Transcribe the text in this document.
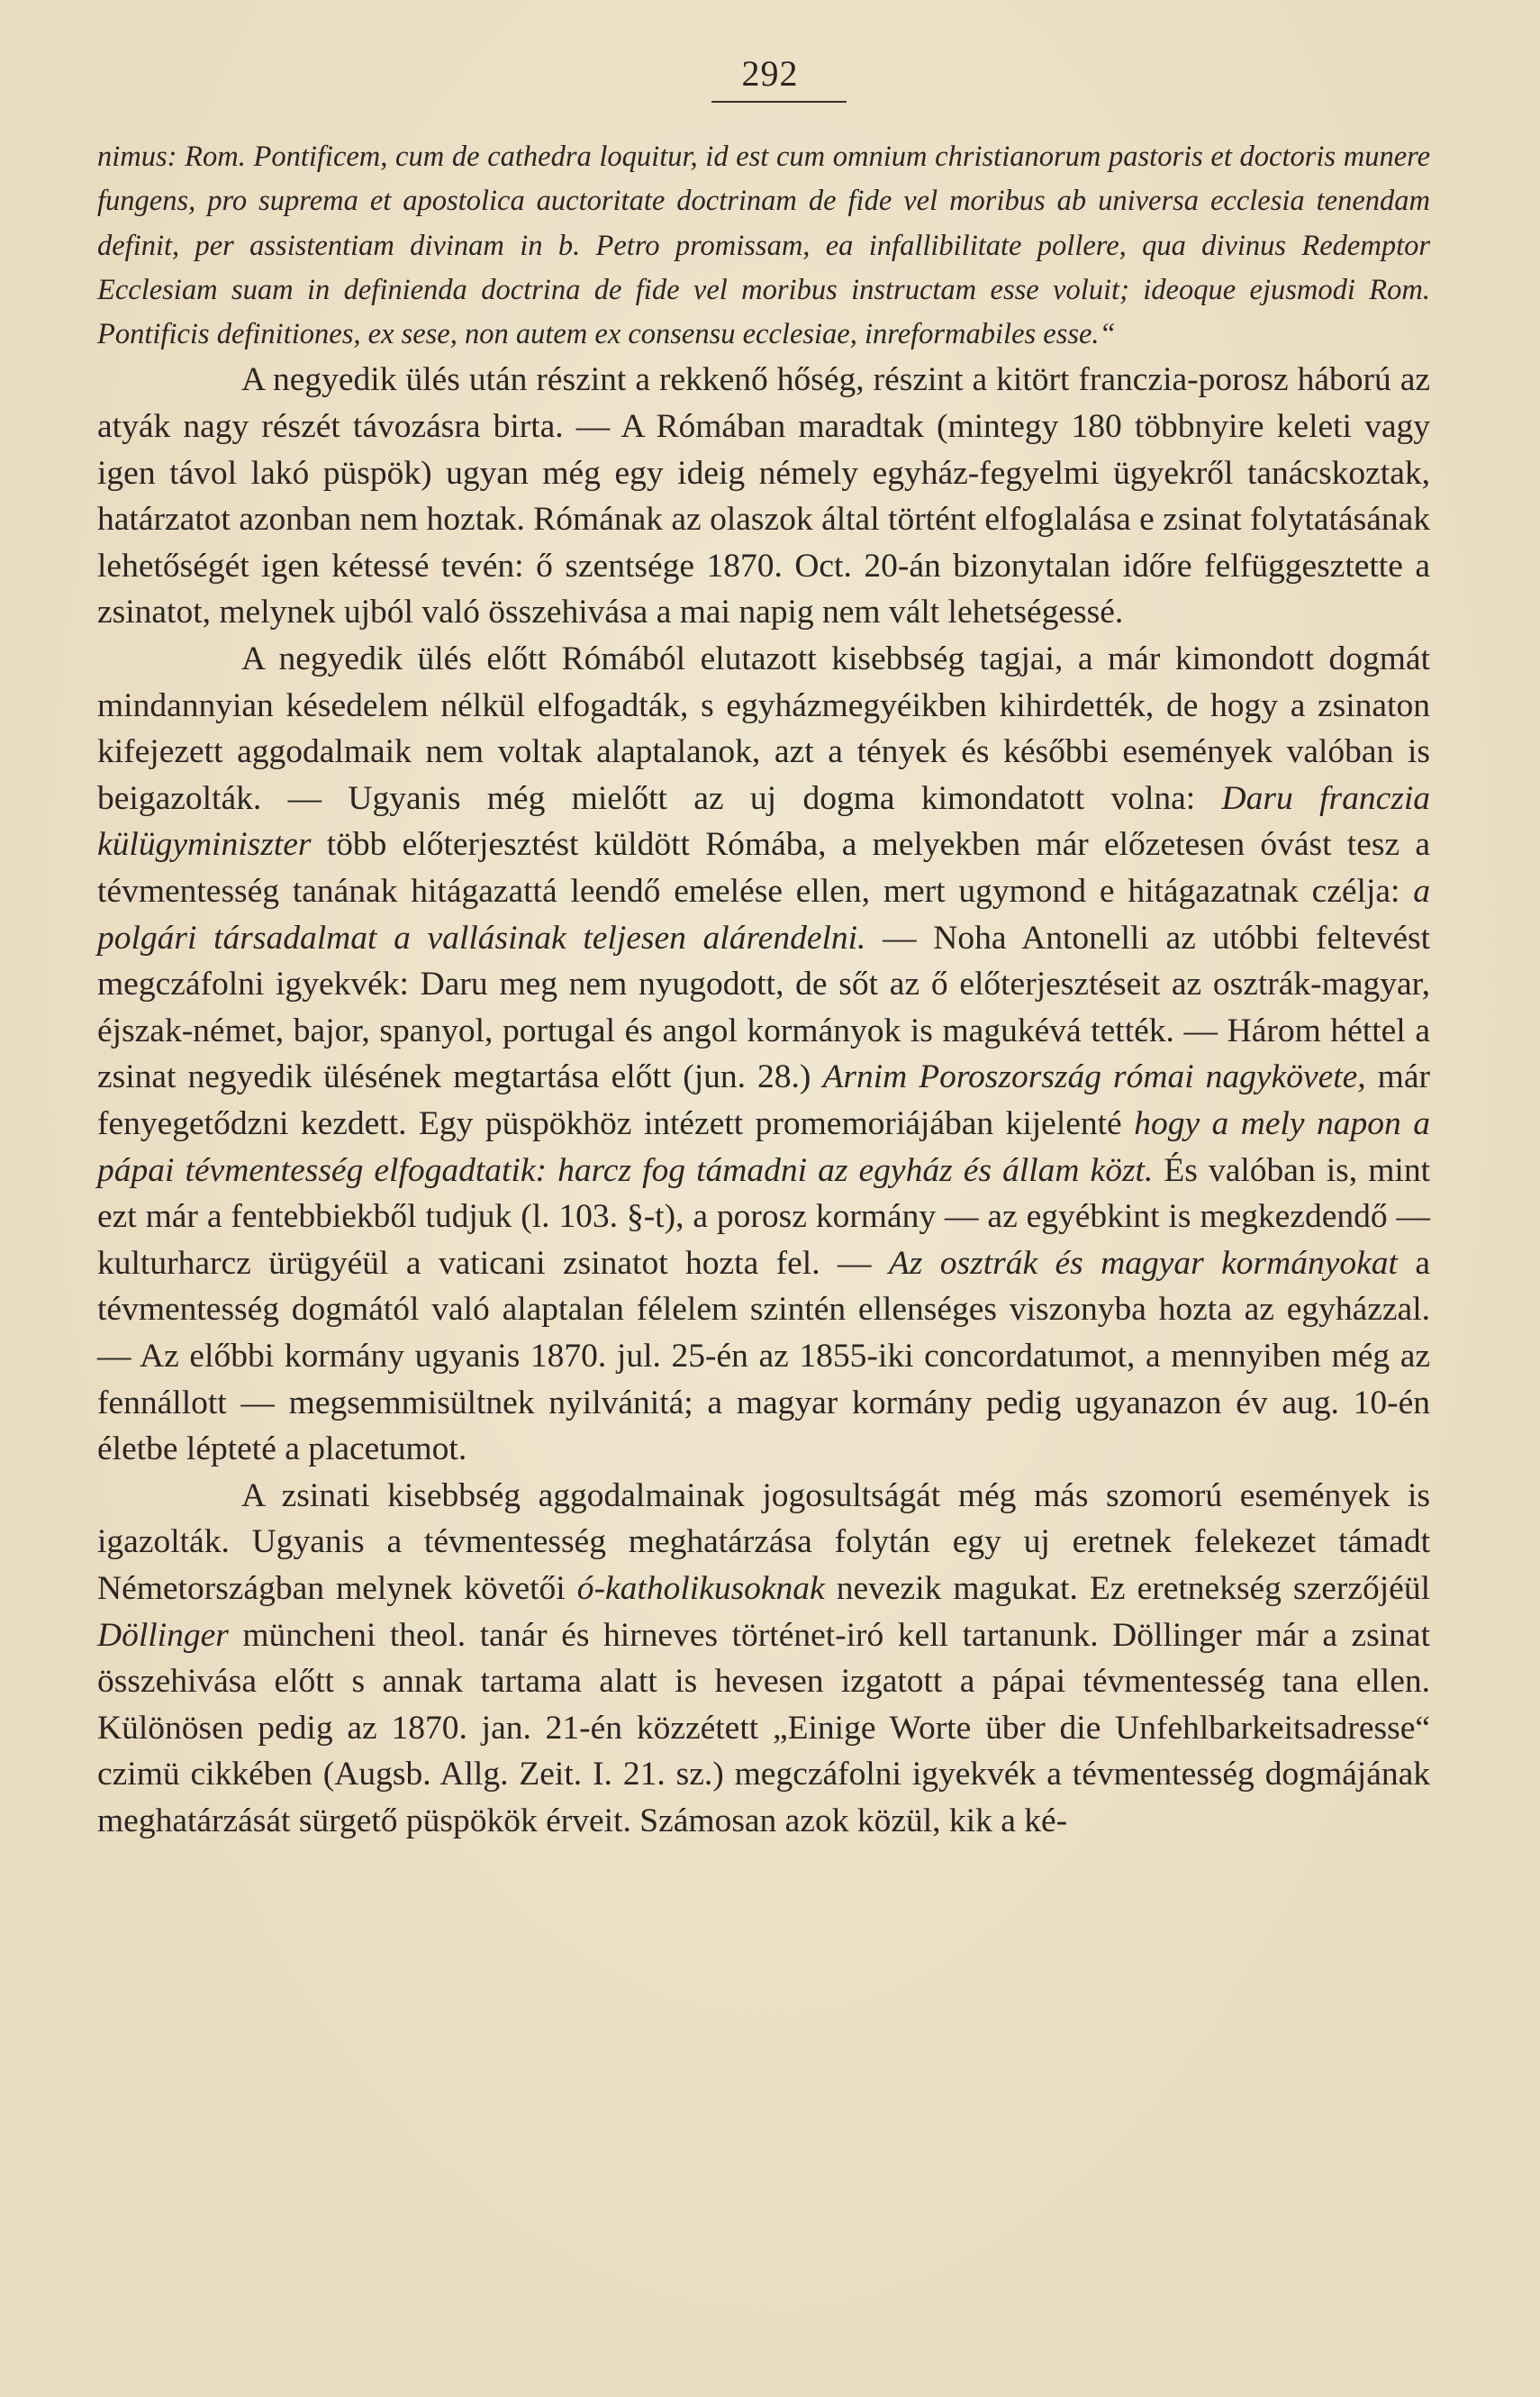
292

nimus: Rom. Pontificem, cum de cathedra loquitur, id est cum omnium christianorum pastoris et doctoris munere fungens, pro suprema et apostolica auctoritate doctrinam de fide vel moribus ab universa ecclesia tenendam definit, per assistentiam divinam in b. Petro promissam, ea infallibilitate pollere, qua divinus Redemptor Ecclesiam suam in definienda doctrina de fide vel moribus instructam esse voluit; ideoque ejusmodi Rom. Pontificis definitiones, ex sese, non autem ex consensu ecclesiae, inreformabiles esse.“

A negyedik ülés után részint a rekkenő hőség, részint a kitört franczia-porosz háború az atyák nagy részét távozásra birta. — A Rómában maradtak (mintegy 180 többnyire keleti vagy igen távol lakó püspök) ugyan még egy ideig némely egyház-fegyelmi ügyekről tanácskoztak, határzatot azonban nem hoztak. Rómának az olaszok által történt elfoglalása e zsinat folytatásának lehetőségét igen kétessé tevén: ő szentsége 1870. Oct. 20-án bizonytalan időre felfüggesztette a zsinatot, melynek ujból való összehivása a mai napig nem vált lehetségessé.

A negyedik ülés előtt Rómából elutazott kisebbség tagjai, a már kimondott dogmát mindannyian késedelem nélkül elfogadták, s egyházmegyéikben kihirdették, de hogy a zsinaton kifejezett aggodalmaik nem voltak alaptalanok, azt a tények és későbbi események valóban is beigazolták. — Ugyanis még mielőtt az uj dogma kimondatott volna: Daru franczia külügyminiszter több előterjesztést küldött Rómába, a melyekben már előzetesen óvást tesz a tévmentesség tanának hitágazattá leendő emelése ellen, mert ugymond e hitágazatnak czélja: a polgári társadalmat a vallásinak teljesen alárendelni. — Noha Antonelli az utóbbi feltevést megczáfolni igyekvék: Daru meg nem nyugodott, de sőt az ő előterjesztéseit az osztrák-magyar, éjszak-német, bajor, spanyol, portugal és angol kormányok is magukévá tették. — Három héttel a zsinat negyedik ülésének megtartása előtt (jun. 28.) Arnim Poroszország római nagykövete, már fenyegetődzni kezdett. Egy püspökhöz intézett promemoriájában kijelenté hogy a mely napon a pápai tévmentesség elfogadtatik: harcz fog támadni az egyház és állam közt. És valóban is, mint ezt már a fentebbiekből tudjuk (l. 103. §-t), a porosz kormány — az egyébkint is megkezdendő — kulturharcz ürügyéül a vaticani zsinatot hozta fel. — Az osztrák és magyar kormányokat a tévmentesség dogmától való alaptalan félelem szintén ellenséges viszonyba hozta az egyházzal. — Az előbbi kormány ugyanis 1870. jul. 25-én az 1855-iki concordatumot, a mennyiben még az fennállott — megsemmisültnek nyilvánitá; a magyar kormány pedig ugyanazon év aug. 10-én életbe lépteté a placetumot.

A zsinati kisebbség aggodalmainak jogosultságát még más szomorú események is igazolták. Ugyanis a tévmentesség meghatárzása folytán egy uj eretnek felekezet támadt Németországban melynek követői ó-katholikusoknak nevezik magukat. Ez eretnekség szerzőjéül Döllinger müncheni theol. tanár és hirneves történet-iró kell tartanunk. Döllinger már a zsinat összehivása előtt s annak tartama alatt is hevesen izgatott a pápai tévmentesség tana ellen. Különösen pedig az 1870. jan. 21-én közzétett „Einige Worte über die Unfehlbarkeitsadresse“ czimü cikkében (Augsb. Allg. Zeit. I. 21. sz.) megczáfolni igyekvék a tévmentesség dogmájának meghatárzását sürgető püspökök érveit. Számosan azok közül, kik a ké-
